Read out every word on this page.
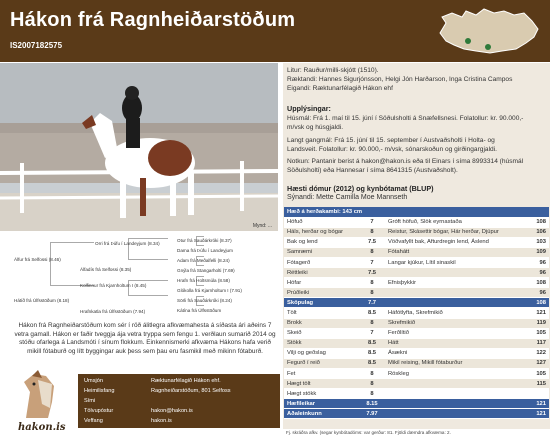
Hákon frá Ragnheiðarstöðum
IS2007182575
Mynd: ...
Litur: Rauður/milli-skjótt (1510).
Ræktandi: Hannes Sigurjónsson, Helgi Jón Harðarson, Inga Cristina Campos
Eigandi: Ræktunarfélagið Hákon ehf
Upplýsingar:
Húsmál: Frá 1. maí til 15. júní í Söðulsholti á Snæfellsnesi. Folatollur: kr. 90.000,-
m/vsk og húsgjaldi.
Langt gangmál: Frá 15. júní til 15. september í Austvaðsholti í Holta- og
Landsveit. Folatollur: kr. 90.000,- m/vsk, sónarskoðun og girðingargjaldi.
Notkun: Pantanir berist á hakon@hakon.is eða til Einars í síma 8993314 (húsmál
Söðulsholti) eða Hannesar í síma 8641315 (Austvaðsholt).
Hæsti dómur (2012) og kynbótamat (BLUP)
Sýnandi: Mette Camilla Moe Mannseth
Hæð á herðakambi: 143 cm			
Höfuð	7	Gróft höfuð, Slök eyrnastaða	108
Háls, herðar og bógar	8	Reistur, Skásettir bógar, Hár herðar, Djúpur	106
Bak og lend	7.5	Vöðvafyllt bak, Afturdregin lend, Áslend	103
Samræmi	8	Fótahátt	109
Fótagerð	7	Langar kjúkur, Lítil sinaskil	96
Réttleiki	7.5		96
Hófar	8	Efnisþykkir	108
Prúðleiki	8		96
Sköpulag	7.7		108
Tölt	8.5	Háfótlyfta, Skrefmikið	121
Brokk	8	Skrefmikið	119
Skeið	7	Ferðlítið	105
Stökk	8.5	Hátt	117
Vilji og geðslag	8.5	Ásækni	122
Fegurð í reið	8.5	Mikil reising, Mikill fótaburður	127
Fet	8	Röskleg	105
Hægt tölt	8		115
Hægt stökk	8		
Hæfileikar	8.15		121
Aðaleinkunn	7.97		121
Fj. skráðra afkv. (segar kynbótadóms: var gerður: 81. Fjöldi dæmdra afkvæma: 2.
Álfur frá Selfossi (8.46)
Hátíð frá Úlfsstöðum (8.18)
Orri frá Þúfu í Landeyjum (8.34)
Álfadís frá Selfossi (8.35)
Kolfinnur frá Kjarnholtum I (8.45)
Hrafnkatla frá Úlfsstöðum (7.94)
Otur frá Sauðárkróki (8.37)
Dama frá Þúfu í Landeyjum
Adam frá Meðalfelli (8.24)
Gnýla frá Stangarholti (7.69)
Hrafn frá Holtsmúla (8.58)
Glókolla frá Kjarnholtum I (7.91)
Sörli frá Sauðárkróki (8.24)
Kátína frá Úlfsstöðum
Hákon frá Ragnheiðarstöðum kom sér í röð álitlegra afkvæmahesta á síðasta ári aðeins 7 vetra gamall. Hákon er faðir tveggja ája vetra tryppa sem fengu 1. verðlaun sumarið 2014 og stóðu ofarlega á Landsmóti í sínum flokkum. Einkennismerki afkvæma Hákons hafa verið mikill fótaburð og lítt byggingar auk þess sem þau eru fasmikil með mikinn fótaburð.
hakon.is
Umsjón	Ræktunarfélagið Hákon ehf.
Heimilisfang	Ragnheiðarstöðum, 801 Selfoss
Sími
Tölvupóstur	hakon@hakon.is
Veffang	hakon.is
